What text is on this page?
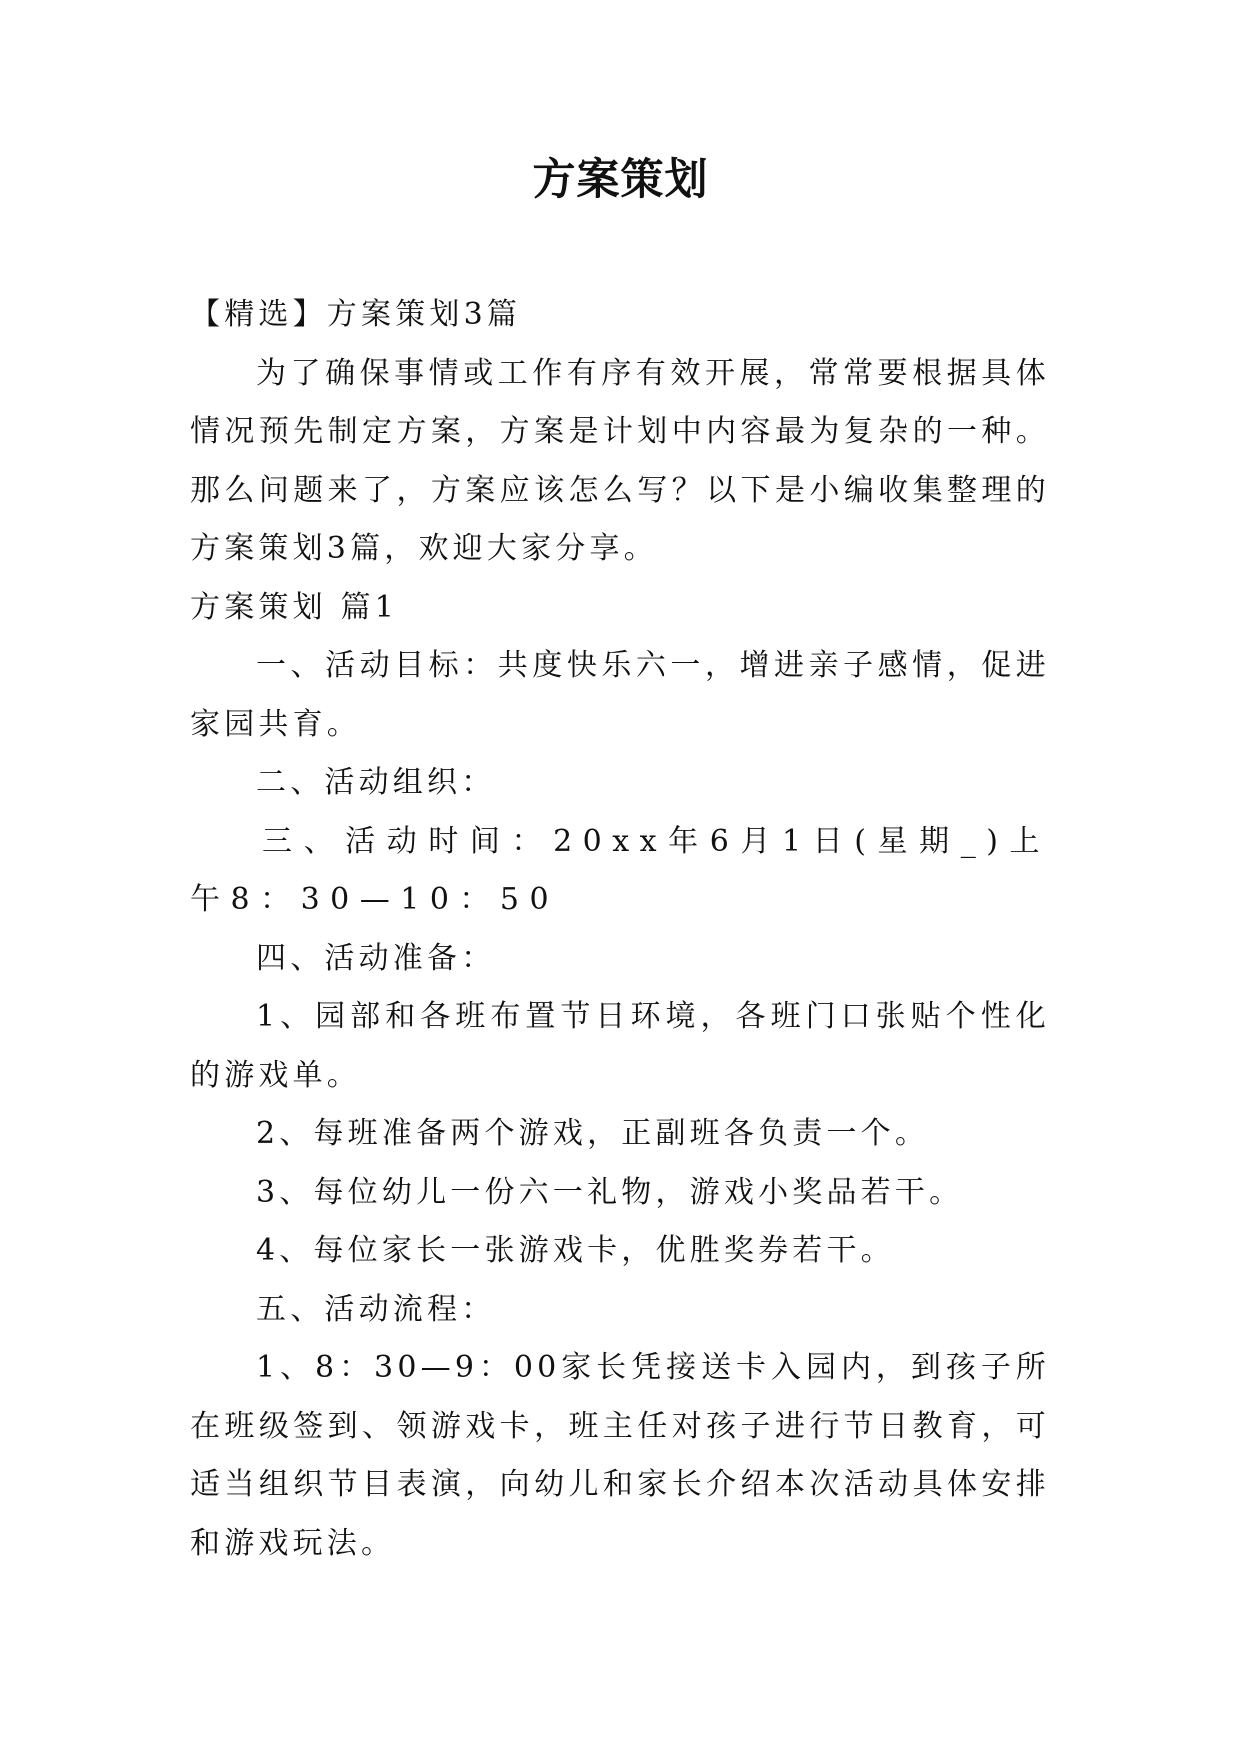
方案策划

【精选】方案策划3篇

为了确保事情或工作有序有效开展，常常要根据具体情况预先制定方案，方案是计划中内容最为复杂的一种。那么问题来了，方案应该怎么写？以下是小编收集整理的方案策划3篇，欢迎大家分享。

方案策划 篇1

一、活动目标：共度快乐六一，增进亲子感情，促进家园共育。

二、活动组织：

三、活动时间：20xx年6月1日(星期_)上午8：30—10：50

四、活动准备：

1、园部和各班布置节日环境，各班门口张贴个性化的游戏单。

2、每班准备两个游戏，正副班各负责一个。

3、每位幼儿一份六一礼物，游戏小奖品若干。

4、每位家长一张游戏卡，优胜奖券若干。

五、活动流程：

1、8：30—9：00家长凭接送卡入园内，到孩子所在班级签到、领游戏卡，班主任对孩子进行节日教育，可适当组织节目表演，向幼儿和家长介绍本次活动具体安排和游戏玩法。
